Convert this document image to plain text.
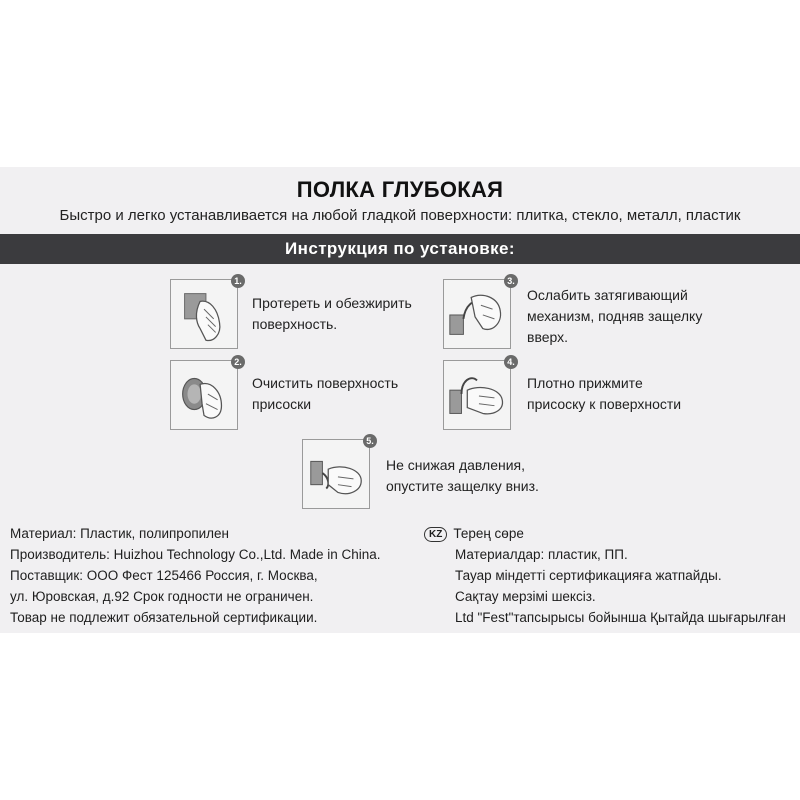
ПОЛКА ГЛУБОКАЯ
Быстро и легко устанавливается на любой гладкой поверхности: плитка, стекло, металл, пластик
Инструкция по установке:
1.
Протереть и обезжирить поверхность.
2.
Очистить поверхность присоски
3.
Ослабить затягивающий механизм, подняв защелку вверх.
4.
Плотно прижмите присоску к поверхности
5.
Не снижая давления, опустите защелку вниз.
Материал: Пластик, полипропилен
Производитель: Huizhou Technology Co.,Ltd. Made in China.
Поставщик: ООО Фест 125466 Россия, г. Москва,
ул. Юровская, д.92 Срок годности не ограничен.
Товар не подлежит обязательной сертификации.
KZ Терең сөре
Материалдар: пластик, ПП.
Тауар міндетті сертификацияға жатпайды.
Сақтау мерзімі шексіз.
Ltd "Fest"тапсырысы бойынша Қытайда шығарылған
